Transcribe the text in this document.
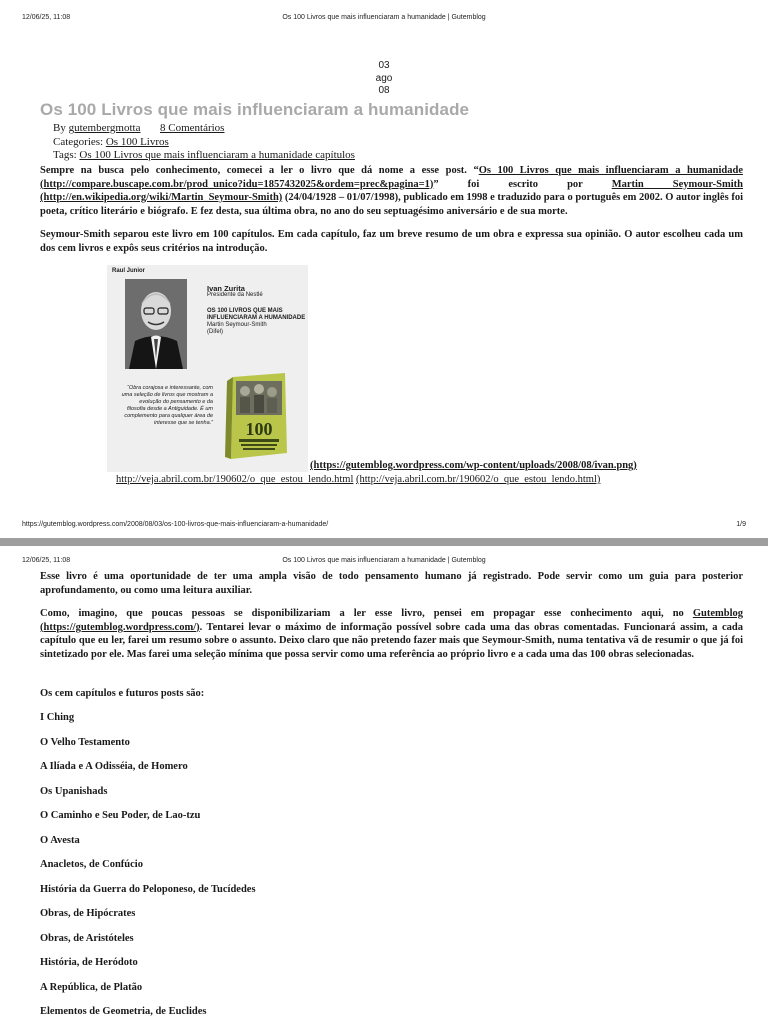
12/06/25, 11:08	Os 100 Livros que mais influenciaram a humanidade | Gutemblog
03
ago
08
Os 100 Livros que mais influenciaram a humanidade
By gutembergmotta 8 Comentários
Categories: Os 100 Livros
Tags: Os 100 Livros que mais influenciaram a humanidade capítulos

Sempre na busca pelo conhecimento, comecei a ler o livro que dá nome a esse post. “Os 100 Livros que mais influenciaram a humanidade (http://compare.buscape.com.br/prod_unico?idu=1857432025&ordem=prec&pagina=1)” foi escrito por Martin Seymour-Smith (http://en.wikipedia.org/wiki/Martin_Seymour-Smith) (24/04/1928 – 01/07/1998), publicado em 1998 e traduzido para o português em 2002. O autor inglês foi poeta, crítico literário e biógrafo. E fez desta, sua última obra, no ano do seu septuagésimo aniversário e de sua morte.

Seymour-Smith separou este livro em 100 capítulos. Em cada capítulo, faz um breve resumo de um obra e expressa sua opinião. O autor escolheu cada um dos cem livros e expôs seus critérios na introdução.

Raul Junior
Ivan Zurita
Presidente da Nestlé
OS 100 LIVROS QUE MAIS INFLUENCIARAM A HUMANIDADE
Martin Seymour-Smith
(Difel)
“Obra corajosa e interessante, com uma seleção de livros que mostram a evolução do pensamento e da filosofia desde a Antiguidade. É um complemento para qualquer área de interesse que se tenha.” 100
(https://gutemblog.wordpress.com/wp-content/uploads/2008/08/ivan.png)
http://veja.abril.com.br/190602/o_que_estou_lendo.html (http://veja.abril.com.br/190602/o_que_estou_lendo.html)
https://gutemblog.wordpress.com/2008/08/03/os-100-livros-que-mais-influenciaram-a-humanidade/	1/9
12/06/25, 11:08	Os 100 Livros que mais influenciaram a humanidade | Gutemblog

Esse livro é uma oportunidade de ter uma ampla visão de todo pensamento humano já registrado. Pode servir como um guia para posterior aprofundamento, ou como uma leitura auxiliar.

Como, imagino, que poucas pessoas se disponibilizariam a ler esse livro, pensei em propagar esse conhecimento aqui, no Gutemblog (https://gutemblog.wordpress.com/). Tentarei levar o máximo de informação possível sobre cada uma das obras comentadas. Funcionará assim, a cada capítulo que eu ler, farei um resumo sobre o assunto. Deixo claro que não pretendo fazer mais que Seymour-Smith, numa tentativa vã de resumir o que já foi sintetizado por ele. Mas farei uma seleção mínima que possa servir como uma referência ao próprio livro e a cada uma das 100 obras selecionadas.

Os cem capítulos e futuros posts são:

I Ching

O Velho Testamento

A Ilíada e A Odisséia, de Homero

Os Upanishads

O Caminho e Seu Poder, de Lao-tzu

O Avesta

Anacletos, de Confúcio

História da Guerra do Peloponeso, de Tucídedes

Obras, de Hipócrates

Obras, de Aristóteles

História, de Heródoto

A República, de Platão

Elementos de Geometria, de Euclides
